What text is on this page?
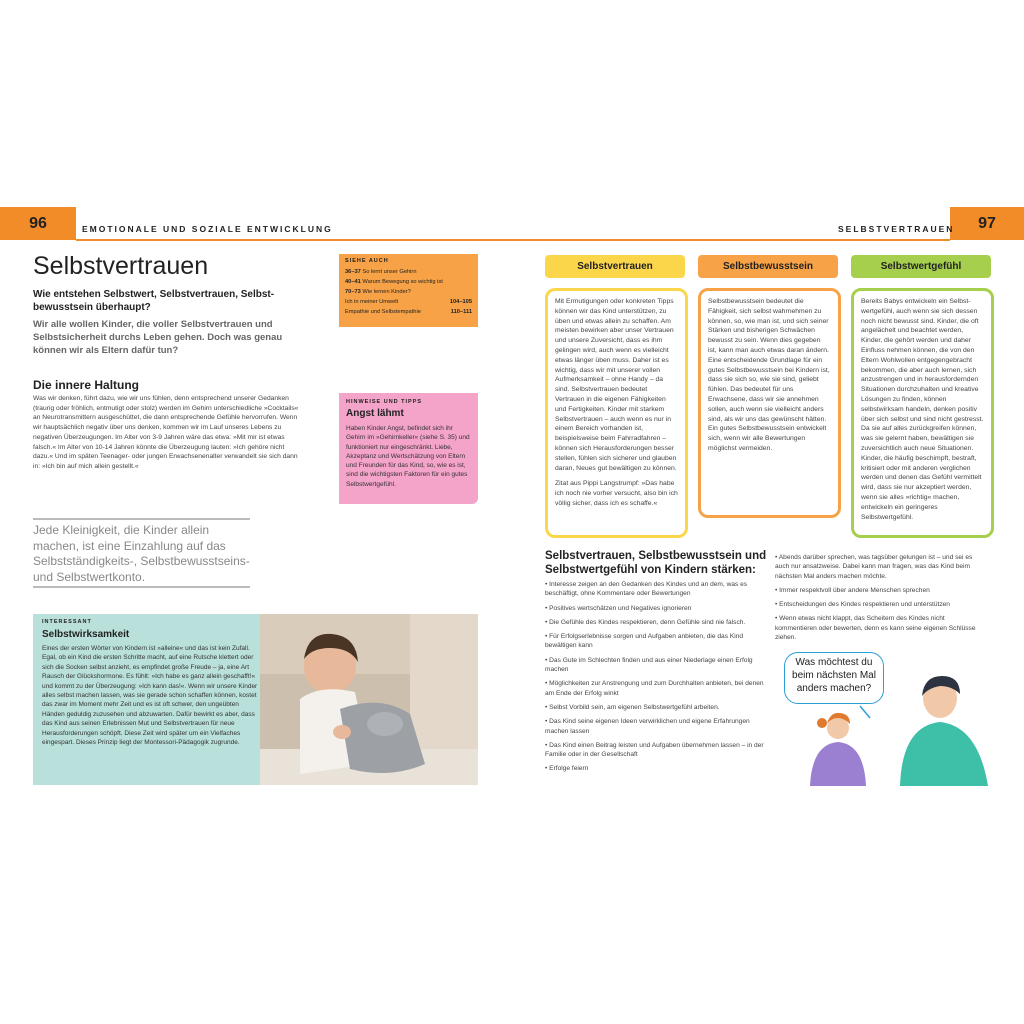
96	EMOTIONALE UND SOZIALE ENTWICKLUNG	97
SELBSTVERTRAUEN
Selbstvertrauen

Wie entstehen Selbstwert, Selbstvertrauen, Selbstbewusstsein überhaupt?

Wir alle wollen Kinder, die voller Selbstvertrauen und Selbstsicherheit durchs Leben gehen. Doch was genau können wir als Eltern dafür tun?

Die innere Haltung

Was wir denken, führt dazu, wie wir uns fühlen, denn entsprechend unserer Gedanken (traurig oder fröhlich, entmutigt oder stolz) werden im Gehirn unterschiedliche »Cocktails« an Neurotransmittern ausgeschüttet, die dann entsprechende Gefühle hervorrufen. Wenn wir hauptsächlich negativ über uns denken, kommen wir im Lauf unseres Lebens zu negativen Überzeugungen. Im Alter von 3-9 Jahren wäre das etwa: »Mit mir ist etwas falsch.« Im Alter von 10-14 Jahren könnte die Überzeugung lauten: »Ich gehöre nicht dazu.« Und im späten Teenager- oder jungen Erwachsenenalter verwandelt sie sich dann in: »Ich bin auf mich allein gestellt.«

Jede Kleinigkeit, die Kinder allein machen, ist eine Einzahlung auf das Selbstständigkeits-, Selbstbewusstseins- und Selbstwertkonto.

SIEHE AUCH
36–37 So lernt unser Gehirn
40–41 Warum Bewegung so wichtig ist
70–73 Wie lernen Kinder?
Ich in meiner Umwelt	104–105
Empathie und Selbstempathie	110–111
HINWEISE UND TIPPS
Angst lähmt

Haben Kinder Angst, befindet sich ihr Gehirn im »Gehirnkeller« (siehe S. 35) und funktioniert nur eingeschränkt. Liebe, Akzeptanz und Wertschätzung von Eltern und Freunden für das Kind, so, wie es ist, sind die wichtigsten Faktoren für ein gutes Selbstwertgefühl.

INTERESSANT
Selbstwirksamkeit

Eines der ersten Wörter von Kindern ist »alleine« und das ist kein Zufall. Egal, ob ein Kind die ersten Schritte macht, auf eine Rutsche klettert oder sich die Socken selbst anzieht, es empfindet große Freude – ja, eine Art Rausch der Glückshormone. Es fühlt: »Ich habe es ganz allein geschafft!« und kommt zu der Überzeugung: »Ich kann das!«. Wenn wir unsere Kinder alles selbst machen lassen, was sie gerade schon schaffen können, kostet das zwar im Moment mehr Zeit und es ist oft schwer, den ungeübten Händen geduldig zuzusehen und abzuwarten. Dafür bewirkt es aber, dass das Kind aus seinen Erlebnissen Mut und Selbstvertrauen für neue Herausforderungen schöpft. Diese Zeit wird später um ein Vielfaches eingespart. Dieses Prinzip liegt der Montessori-Pädagogik zugrunde.

Selbstvertrauen	Selbstbewusstsein	Selbstwertgefühl

Mit Ermutigungen oder konkreten Tipps können wir das Kind unterstützen, zu üben und etwas allein zu schaffen. Am meisten bewirken aber unser Vertrauen und unsere Zuversicht, dass es ihm gelingen wird, auch wenn es vielleicht etwas länger üben muss. Daher ist es wichtig, dass wir mit unserer vollen Aufmerksamkeit – ohne Handy – da sind. Selbstvertrauen bedeutet Vertrauen in die eigenen Fähigkeiten und Fertigkeiten. Kinder mit starkem Selbstvertrauen – auch wenn es nur in einem Bereich vorhanden ist, beispielsweise beim Fahrradfahren – können sich Herausforderungen besser stellen, fühlen sich sicherer und glauben daran, Neues gut bewältigen zu können.

Zitat aus Pippi Langstrumpf: »Das habe ich noch nie vorher versucht, also bin ich völlig sicher, dass ich es schaffe.«

Selbstbewusstsein bedeutet die Fähigkeit, sich selbst wahrnehmen zu können, so, wie man ist, und sich seiner Stärken und bisherigen Schwächen bewusst zu sein. Wenn dies gegeben ist, kann man auch etwas daran ändern. Eine entscheidende Grundlage für ein gutes Selbstbewusstsein bei Kindern ist, dass sie sich so, wie sie sind, geliebt fühlen. Das bedeutet für uns Erwachsene, dass wir sie annehmen sollen, auch wenn sie vielleicht anders sind, als wir uns das gewünscht hätten. Ein gutes Selbstbewusstsein entwickelt sich, wenn wir alle Bewertungen möglichst vermeiden.

Bereits Babys entwickeln ein Selbstwertgefühl, auch wenn sie sich dessen noch nicht bewusst sind. Kinder, die oft angelächelt und beachtet werden, Kinder, die gehört werden und daher Einfluss nehmen können, die von den Eltern Wohlwollen entgegengebracht bekommen, die aber auch lernen, sich anzustrengen und in herausfordernden Situationen durchzuhalten und kreative Lösungen zu finden, können selbstwirksam handeln, denken positiv über sich selbst und sind nicht gestresst. Da sie auf alles zurückgreifen können, was sie gelernt haben, bewältigen sie zuversichtlich auch neue Situationen. Kinder, die häufig beschimpft, bestraft, kritisiert oder mit anderen verglichen werden und denen das Gefühl vermittelt wird, dass sie nur akzeptiert werden, wenn sie alles »richtig« machen, entwickeln ein geringeres Selbstwertgefühl.

Selbstvertrauen, Selbstbewusstsein und Selbstwertgefühl von Kindern stärken:
• Interesse zeigen an den Gedanken des Kindes und an dem, was es beschäftigt, ohne Kommentare oder Bewertungen
• Positives wertschätzen und Negatives ignorieren
• Die Gefühle des Kindes respektieren, denn Gefühle sind nie falsch.
• Für Erfolgserlebnisse sorgen und Aufgaben anbieten, die das Kind bewältigen kann
• Das Gute im Schlechten finden und aus einer Niederlage einen Erfolg machen
• Möglichkeiten zur Anstrengung und zum Durchhalten anbieten, bei denen am Ende der Erfolg winkt
• Selbst Vorbild sein, am eigenen Selbstwertgefühl arbeiten.
• Das Kind seine eigenen Ideen verwirklichen und eigene Erfahrungen machen lassen
• Das Kind einen Beitrag leisten und Aufgaben übernehmen lassen – in der Familie oder in der Gesellschaft
• Erfolge feiern
• Abends darüber sprechen, was tagsüber gelungen ist – und sei es auch nur ansatzweise. Dabei kann man fragen, was das Kind beim nächsten Mal anders machen möchte.
• Immer respektvoll über andere Menschen sprechen
• Entscheidungen des Kindes respektieren und unterstützen
• Wenn etwas nicht klappt, das Scheitern des Kindes nicht kommentieren oder bewerten, denn es kann seine eigenen Schlüsse ziehen.
Was möchtest du beim nächsten Mal anders machen?
